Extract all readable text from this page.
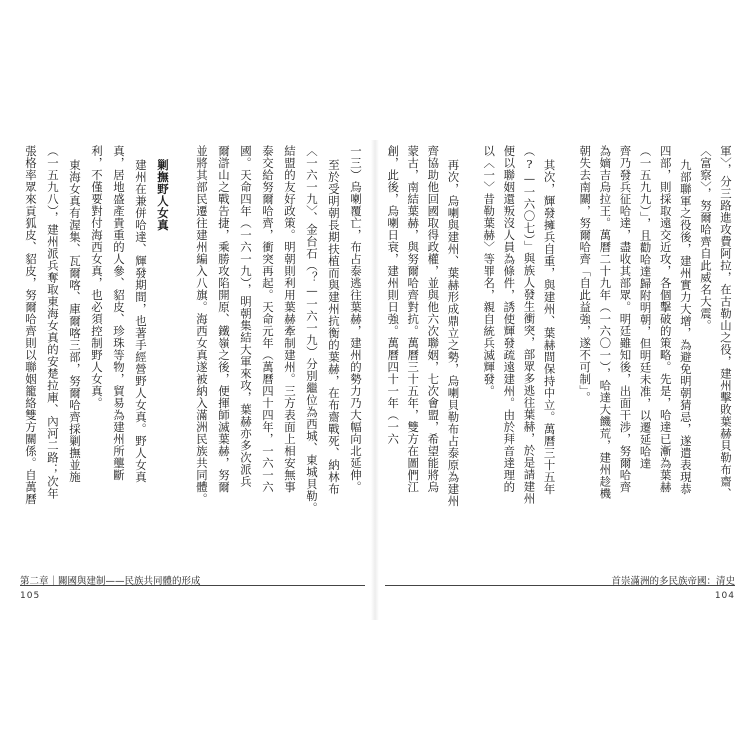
軍〉，分三路進攻費阿拉，在古勒山之役，建州擊敗葉赫貝勒布齋、
〈富察〉，努爾哈齊自此威名大震。
九部聯軍之役後，建州實力大增，為避免明朝猜忌，遂遣表現恭
四部，則採取遠交近攻，各個擊破的策略。先是，哈達已漸為葉赫
（一五九九）」，且勸哈達歸附明朝，但明廷未准，以遷延哈達
齊乃發兵征哈達，盡收其部眾。明廷雖知後，出面干涉，努爾哈齊
為嫡吉烏拉王。萬曆二十九年（一六〇一），哈達大饑荒，建州趁機
朝失去南關，努爾哈齊「自此益強，遂不可制」。
其次，輝發擁兵自重，與建州、葉赫間保持中立。萬曆三十五年
（?—一六〇七）」與族人發生衝突，部眾多逃往葉赫，於是請建州
便以聯姻還叛沒人員為條件，誘使輝發疏遠建州。由於拜音達理的
以〈一〉昔勒葉赫〉等罪名，親自統兵滅輝發。
再次，烏喇與建州、葉赫形成鼎立之勢，烏喇貝勒布占泰原為建州
齊協助他回國取得政權，並與他六次聯姻，七次會盟，希望能將烏
蒙古，南結葉赫，與努爾哈齊對抗。萬曆三十五年，雙方在圖們江
創，此後，烏喇日衰，建州則日強。萬曆四十一年（一六
首崇滿洲的多民族帝國：清史
104
一三）烏喇覆亡，布占泰逃往葉赫，建州的勢力乃大幅向北延伸。
至於受明朝長期扶植而與建州抗衡的葉赫，在布齋戰死、納林布
〈一六一九〉、金台石（？—一六一九）分別繼位為西城、東城貝勒。
結盟的友好政策。明朝則利用葉赫牽制建州。三方表面上相安無事
泰交給努爾哈齊，衝突再起。天命元年（萬曆四十四年，一六一六
國。天命四年（一六一九），明朝集結大軍來攻，葉赫亦多次派兵
爾滸山之戰告捷，乘勝攻陷開原、鐵嶺之後，便揮師滅葉赫，努爾
並將其部民遷往建州編入八旗。海西女真遂被納入滿洲民族共同體。
剿撫野人女真
建州在兼併哈達、輝發期間，也著手經營野人女真。野人女真
真，居地盛產貴重的人參、貂皮、珍珠等物，貿易為建州所壟斷
利，不僅要對付海西女真，也必須控制野人女真。
東海女真有渥集、瓦爾喀、庫爾喀三部，努爾哈齊採剿撫並施
（一五九八），建州派兵奪取東海女真的安楚拉庫、內河二路；次年
張格率眾來貢狐皮、貂皮，努爾哈齊則以聯姻籠絡雙方關係。自萬曆
第二章｜關國與建制——民族共同體的形成
105
